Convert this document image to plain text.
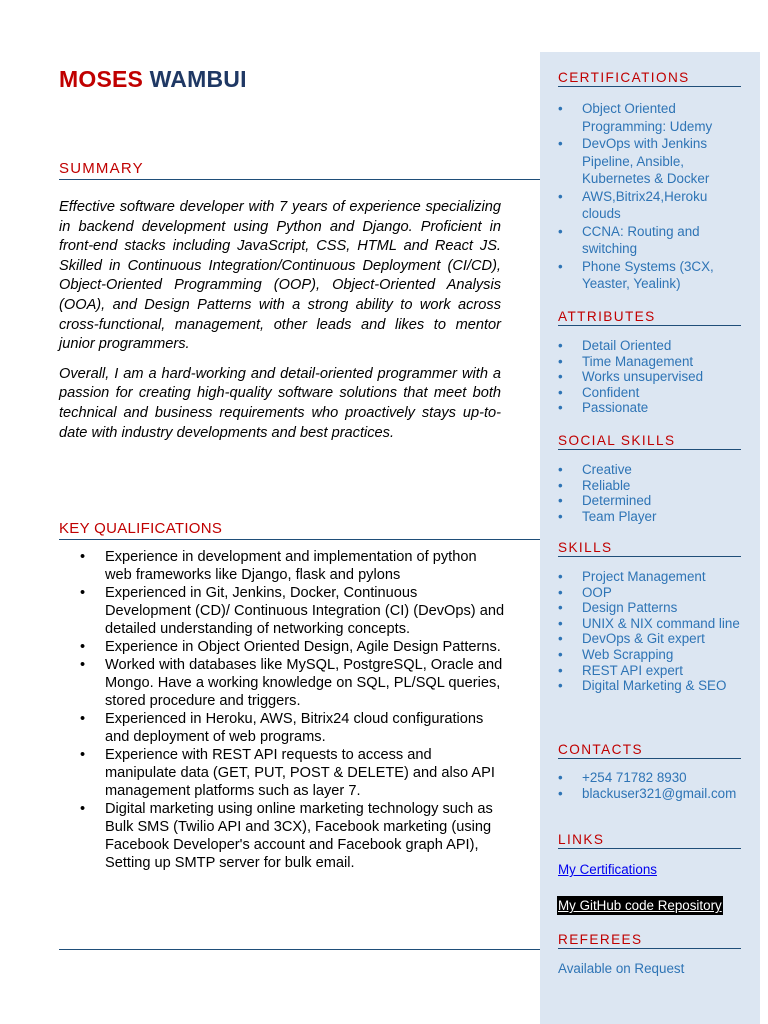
MOSES WAMBUI
SUMMARY

Effective software developer with 7 years of experience specializing in backend development using Python and Django. Proficient in front-end stacks including JavaScript, CSS, HTML and React JS. Skilled in Continuous Integration/Continuous Deployment (CI/CD), Object-Oriented Programming (OOP), Object-Oriented Analysis (OOA), and Design Patterns with a strong ability to work across cross-functional, management, other leads and likes to mentor junior programmers.

Overall, I am a hard-working and detail-oriented programmer with a passion for creating high-quality software solutions that meet both technical and business requirements who proactively stays up-to-date with industry developments and best practices.

KEY QUALIFICATIONS
• Experience in development and implementation of python web frameworks like Django, flask and pylons
• Experienced in Git, Jenkins, Docker, Continuous Development (CD)/ Continuous Integration (CI) (DevOps) and detailed understanding of networking concepts.
• Experience in Object Oriented Design, Agile Design Patterns.
• Worked with databases like MySQL, PostgreSQL, Oracle and Mongo. Have a working knowledge on SQL, PL/SQL queries, stored procedure and triggers.
• Experienced in Heroku, AWS, Bitrix24 cloud configurations and deployment of web programs.
• Experience with REST API requests to access and manipulate data (GET, PUT, POST & DELETE) and also API management platforms such as layer 7.
• Digital marketing using online marketing technology such as Bulk SMS (Twilio API and 3CX), Facebook marketing (using Facebook Developer's account and Facebook graph API), Setting up SMTP server for bulk email.
CERTIFICATIONS
• Object Oriented Programming: Udemy
• DevOps with Jenkins Pipeline, Ansible, Kubernetes & Docker
• AWS,Bitrix24,Heroku clouds
• CCNA: Routing and switching
• Phone Systems (3CX, Yeaster, Yealink)
ATTRIBUTES
• Detail Oriented
• Time Management
• Works unsupervised
• Confident
• Passionate
SOCIAL SKILLS
• Creative
• Reliable
• Determined
• Team Player
SKILLS
• Project Management
• OOP
• Design Patterns
• UNIX & NIX command line
• DevOps & Git expert
• Web Scrapping
• REST API expert
• Digital Marketing & SEO
CONTACTS
• +254 71782 8930
• blackuser321@gmail.com
LINKS
My Certifications
My GitHub code Repository
REFEREES
Available on Request
